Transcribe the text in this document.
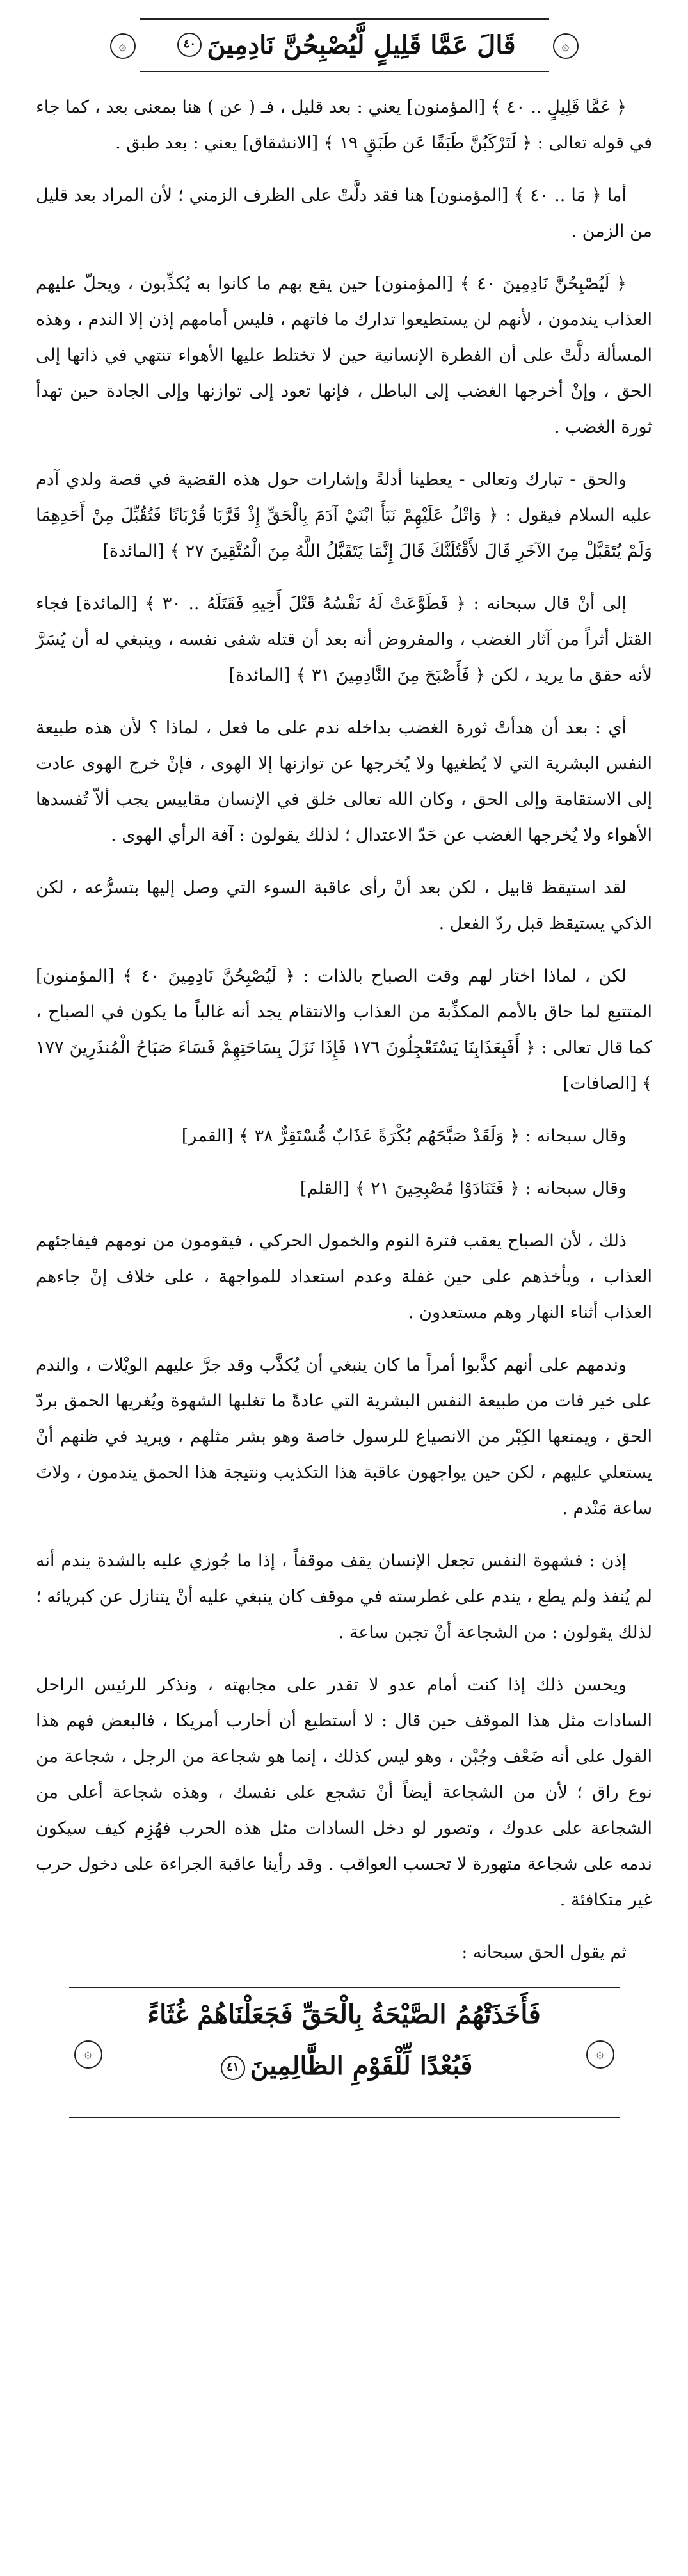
۞
قَالَ عَمَّا قَلِيلٍ لَّيُصْبِحُنَّ نَادِمِينَ
٤٠
۞

﴿ عَمَّا قَلِيلٍ .. ٤٠ ﴾ [المؤمنون] يعني : بعد قليل ، فـ ( عن ) هنا بمعنى بعد ، كما جاء في قوله تعالى : ﴿ لَتَرْكَبُنَّ طَبَقًا عَن طَبَقٍ ١٩ ﴾ [الانشقاق] يعني : بعد طبق .

أما ﴿ مَا .. ٤٠ ﴾ [المؤمنون] هنا فقد دلَّتْ على الظرف الزمني ؛ لأن المراد بعد قليل من الزمن .

﴿ لَيُصْبِحُنَّ نَادِمِينَ ٤٠ ﴾ [المؤمنون] حين يقع بهم ما كانوا به يُكذِّبون ، ويحلّ عليهم العذاب يندمون ، لأنهم لن يستطيعوا تدارك ما فاتهم ، فليس أمامهم إذن إلا الندم ، وهذه المسألة دلَّتْ على أن الفطرة الإنسانية حين لا تختلط عليها الأهواء تنتهي في ذاتها إلى الحق ، وإنْ أخرجها الغضب إلى الباطل ، فإنها تعود إلى توازنها وإلى الجادة حين تهدأ ثورة الغضب .

والحق - تبارك وتعالى - يعطينا أدلةً وإشارات حول هذه القضية في قصة ولدي آدم عليه السلام فيقول : ﴿ وَاتْلُ عَلَيْهِمْ نَبَأَ ابْنَيْ آدَمَ بِالْحَقِّ إِذْ قَرَّبَا قُرْبَانًا فَتُقُبِّلَ مِنْ أَحَدِهِمَا وَلَمْ يُتَقَبَّلْ مِنَ الآخَرِ قَالَ لأَقْتُلَنَّكَ قَالَ إِنَّمَا يَتَقَبَّلُ اللَّهُ مِنَ الْمُتَّقِينَ ٢٧ ﴾ [المائدة]

إلى أنْ قال سبحانه : ﴿ فَطَوَّعَتْ لَهُ نَفْسُهُ قَتْلَ أَخِيهِ فَقَتَلَهُ .. ٣٠ ﴾ [المائدة] فجاء القتل أثراً من آثار الغضب ، والمفروض أنه بعد أن قتله شفى نفسه ، وينبغي له أن يُسَرَّ لأنه حقق ما يريد ، لكن ﴿ فَأَصْبَحَ مِنَ النَّادِمِينَ ٣١ ﴾ [المائدة]

أي : بعد أن هدأتْ ثورة الغضب بداخله ندم على ما فعل ، لماذا ؟ لأن هذه طبيعة النفس البشرية التي لا يُطغيها ولا يُخرجها عن توازنها إلا الهوى ، فإنْ خرج الهوى عادت إلى الاستقامة وإلى الحق ، وكان الله تعالى خلق في الإنسان مقاييس يجب ألاّ تُفسدها الأهواء ولا يُخرجها الغضب عن حَدّ الاعتدال ؛ لذلك يقولون : آفة الرأي الهوى .

لقد استيقظ قابيل ، لكن بعد أنْ رأى عاقبة السوء التي وصل إليها بتسرُّعه ، لكن الذكي يستيقظ قبل ردّ الفعل .

لكن ، لماذا اختار لهم وقت الصباح بالذات : ﴿ لَيُصْبِحُنَّ نَادِمِينَ ٤٠ ﴾ [المؤمنون] المتتبع لما حاق بالأمم المكذِّبة من العذاب والانتقام يجد أنه غالباً ما يكون في الصباح ، كما قال تعالى : ﴿ أَفَبِعَذَابِنَا يَسْتَعْجِلُونَ ١٧٦ فَإِذَا نَزَلَ بِسَاحَتِهِمْ فَسَاءَ صَبَاحُ الْمُنذَرِينَ ١٧٧ ﴾ [الصافات]

وقال سبحانه : ﴿ وَلَقَدْ صَبَّحَهُم بُكْرَةً عَذَابٌ مُّسْتَقِرٌّ ٣٨ ﴾ [القمر]

وقال سبحانه : ﴿ فَتَنَادَوْا مُصْبِحِينَ ٢١ ﴾ [القلم]

ذلك ، لأن الصباح يعقب فترة النوم والخمول الحركي ، فيقومون من نومهم فيفاجئهم العذاب ، ويأخذهم على حين غفلة وعدم استعداد للمواجهة ، على خلاف إنْ جاءهم العذاب أثناء النهار وهم مستعدون .

وندمهم على أنهم كذَّبوا أمراً ما كان ينبغي أن يُكذَّب وقد جرَّ عليهم الويْلات ، والندم على خير فات من طبيعة النفس البشرية التي عادةً ما تغلبها الشهوة ويُغريها الحمق بردّ الحق ، ويمنعها الكِبْر من الانصياع للرسول خاصة وهو بشر مثلهم ، ويريد في ظنهم أنْ يستعلي عليهم ، لكن حين يواجهون عاقبة هذا التكذيب ونتيجة هذا الحمق يندمون ، ولاتَ ساعة مَنْدم .

إذن : فشهوة النفس تجعل الإنسان يقف موقفاً ، إذا ما جُوزي عليه بالشدة يندم أنه لم يُنفذ ولم يطع ، يندم على غطرسته في موقف كان ينبغي عليه أنْ يتنازل عن كبريائه ؛ لذلك يقولون : من الشجاعة أنْ تجبن ساعة .

ويحسن ذلك إذا كنت أمام عدو لا تقدر على مجابهته ، ونذكر للرئيس الراحل السادات مثل هذا الموقف حين قال : لا أستطيع أن أحارب أمريكا ، فالبعض فهم هذا القول على أنه ضَعْف وجُبْن ، وهو ليس كذلك ، إنما هو شجاعة من الرجل ، شجاعة من نوع راق ؛ لأن من الشجاعة أيضاً أنْ تشجع على نفسك ، وهذه شجاعة أعلى من الشجاعة على عدوك ، وتصور لو دخل السادات مثل هذه الحرب فهُزِم كيف سيكون ندمه على شجاعة متهورة لا تحسب العواقب . وقد رأينا عاقبة الجراءة على دخول حرب غير متكافئة .

ثم يقول الحق سبحانه :

۞
فَأَخَذَتْهُمُ الصَّيْحَةُ بِالْحَقِّ فَجَعَلْنَاهُمْ غُثَاءً
فَبُعْدًا لِّلْقَوْمِ الظَّالِمِينَ٤١
۞
